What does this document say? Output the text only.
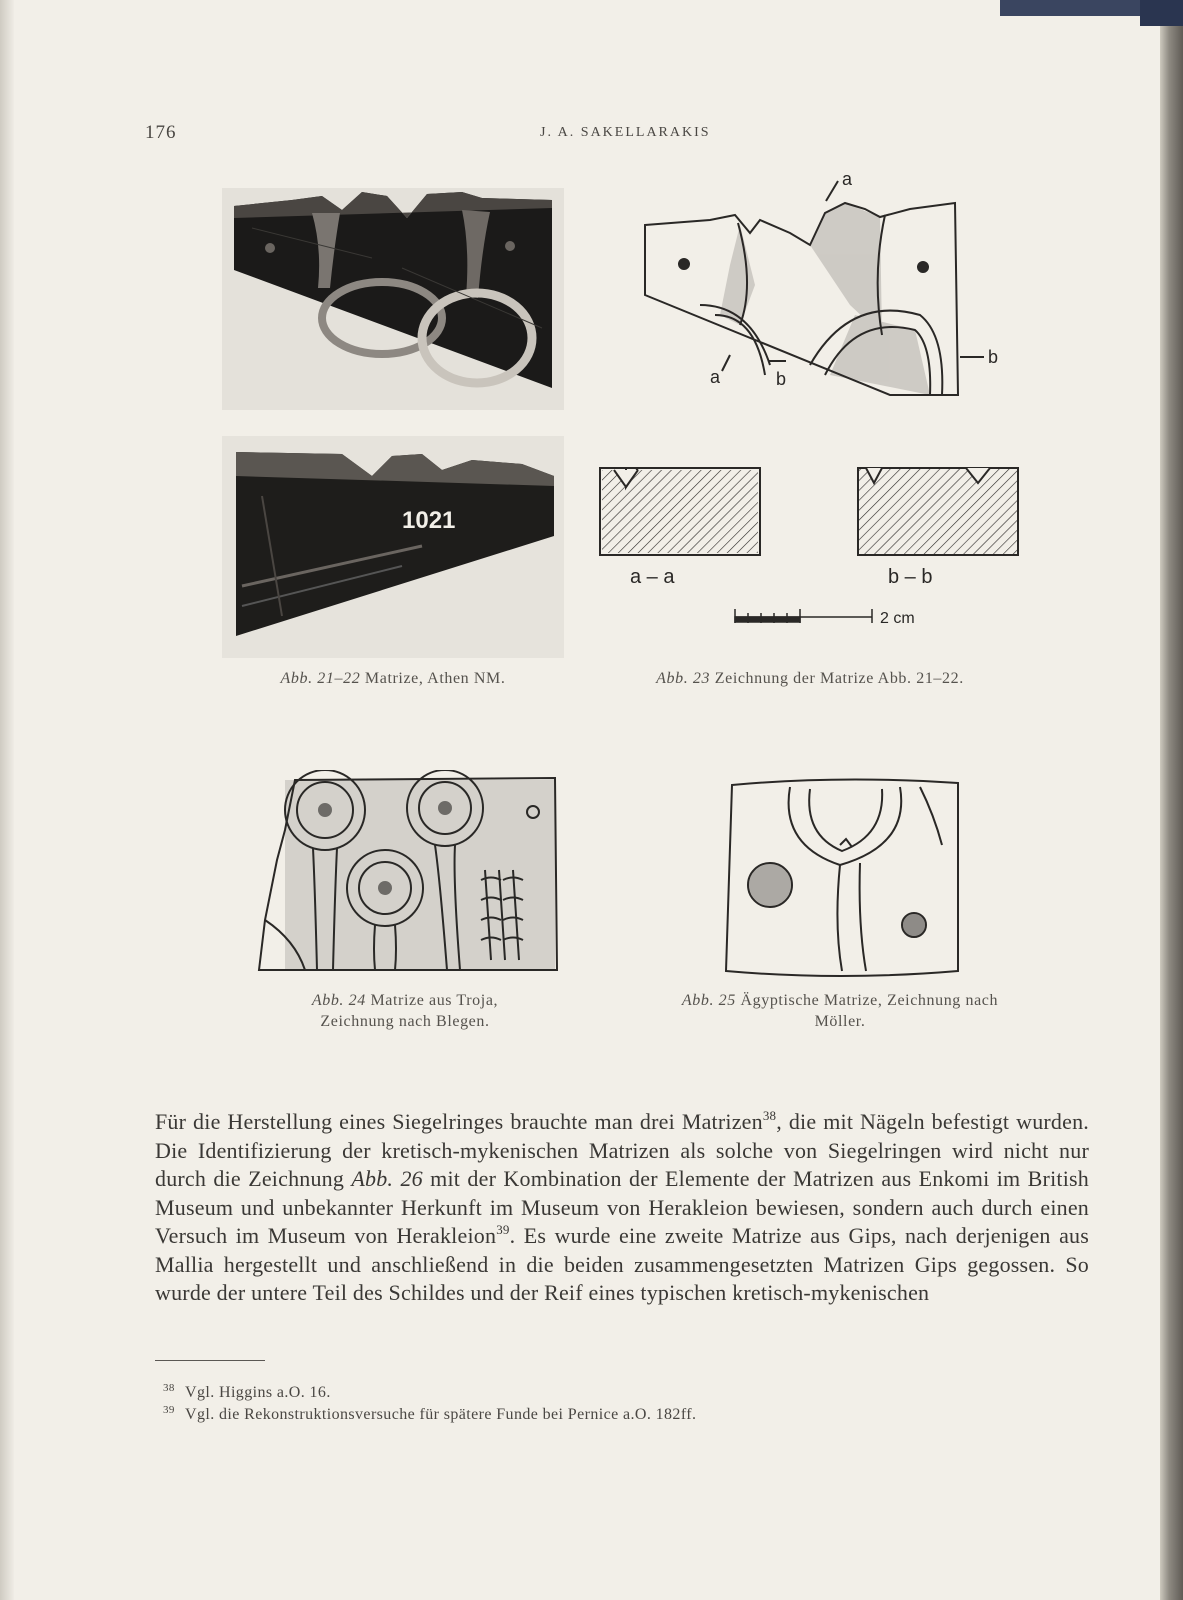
176	J. A. SAKELLARAKIS
1021
a
a	b
b
a – a	b – b
2 cm
Abb. 21–22 Matrize, Athen NM.	Abb. 23 Zeichnung der Matrize Abb. 21–22.
Abb. 24 Matrize aus Troja,
Zeichnung nach Blegen.
Abb. 25 Ägyptische Matrize, Zeichnung nach
Möller.
Für die Herstellung eines Siegelringes brauchte man drei Matrizen$^{38}$, die mit Nägeln befestigt wurden. Die Identifizierung der kretisch-mykenischen Matrizen als solche von Siegelringen wird nicht nur durch die Zeichnung Abb. 26 mit der Kombination der Elemente der Matrizen aus Enkomi im British Museum und unbekannter Herkunft im Museum von Herakleion bewiesen, sondern auch durch einen Versuch im Museum von Herakleion$^{39}$. Es wurde eine zweite Matrize aus Gips, nach derjenigen aus Mallia hergestellt und anschließend in die beiden zusammengesetzten Matrizen Gips gegossen. So wurde der untere Teil des Schildes und der Reif eines typischen kretisch-mykenischen
38 Vgl. Higgins a.O. 16.
39 Vgl. die Rekonstruktionsversuche für spätere Funde bei Pernice a.O. 182ff.
